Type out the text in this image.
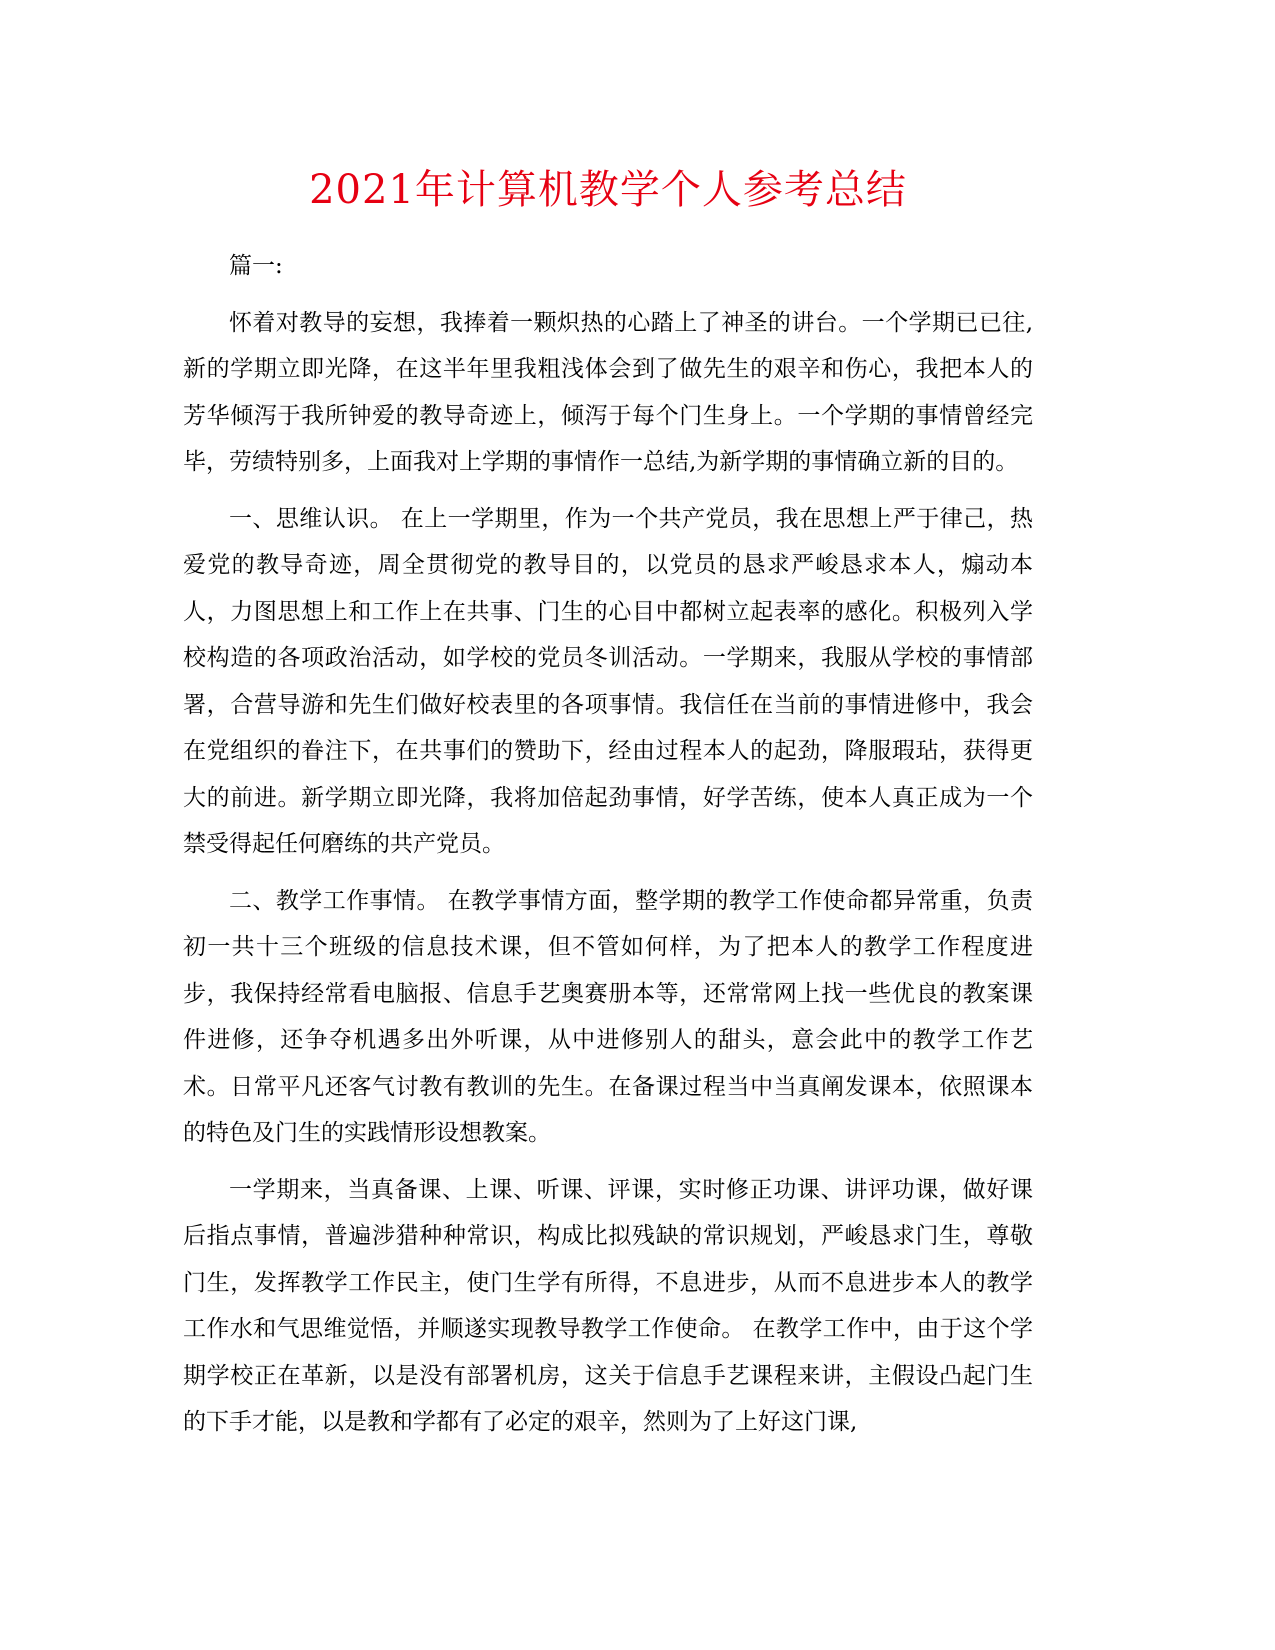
2021年计算机教学个人参考总结

篇一:

怀着对教导的妄想，我捧着一颗炽热的心踏上了神圣的讲台。一个学期已已往,新的学期立即光降，在这半年里我粗浅体会到了做先生的艰辛和伤心，我把本人的芳华倾泻于我所钟爱的教导奇迹上，倾泻于每个门生身上。一个学期的事情曾经完毕，劳绩特别多，上面我对上学期的事情作一总结,为新学期的事情确立新的目的。

一、思维认识。 在上一学期里，作为一个共产党员，我在思想上严于律己，热爱党的教导奇迹，周全贯彻党的教导目的，以党员的恳求严峻恳求本人，煽动本人，力图思想上和工作上在共事、门生的心目中都树立起表率的感化。积极列入学校构造的各项政治活动，如学校的党员冬训活动。一学期来，我服从学校的事情部署，合营导游和先生们做好校表里的各项事情。我信任在当前的事情进修中，我会在党组织的眷注下，在共事们的赞助下，经由过程本人的起劲，降服瑕玷，获得更大的前进。新学期立即光降，我将加倍起劲事情，好学苦练，使本人真正成为一个禁受得起任何磨练的共产党员。

二、教学工作事情。 在教学事情方面，整学期的教学工作使命都异常重，负责初一共十三个班级的信息技术课，但不管如何样，为了把本人的教学工作程度进步，我保持经常看电脑报、信息手艺奥赛册本等，还常常网上找一些优良的教案课件进修，还争夺机遇多出外听课，从中进修别人的甜头，意会此中的教学工作艺术。日常平凡还客气讨教有教训的先生。在备课过程当中当真阐发课本，依照课本的特色及门生的实践情形设想教案。

一学期来，当真备课、上课、听课、评课，实时修正功课、讲评功课，做好课后指点事情，普遍涉猎种种常识，构成比拟残缺的常识规划，严峻恳求门生，尊敬门生，发挥教学工作民主，使门生学有所得，不息进步，从而不息进步本人的教学工作水和气思维觉悟，并顺遂实现教导教学工作使命。 在教学工作中，由于这个学期学校正在革新，以是没有部署机房，这关于信息手艺课程来讲，主假设凸起门生的下手才能，以是教和学都有了必定的艰辛，然则为了上好这门课,
